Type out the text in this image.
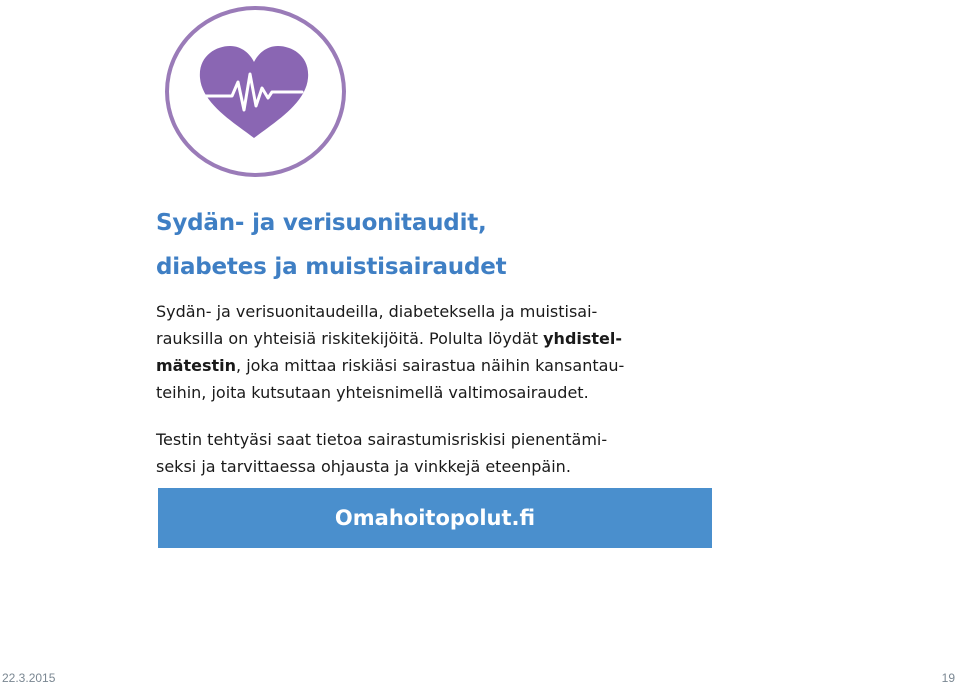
Sydän- ja verisuonitaudit,
diabetes ja muistisairaudet
Sydän- ja verisuonitaudeilla, diabeteksella ja muistisai-
rauksilla on yhteisiä riskitekijöitä. Polulta löydät yhdistel-
mätestin, joka mittaa riskiäsi sairastua näihin kansantau-
teihin, joita kutsutaan yhteisnimellä valtimosairaudet.
Testin tehtyäsi saat tietoa sairastumisriskisi pienentämi-
seksi ja tarvittaessa ohjausta ja vinkkejä eteenpäin.
Omahoitopolut.fi
22.3.2015	19
